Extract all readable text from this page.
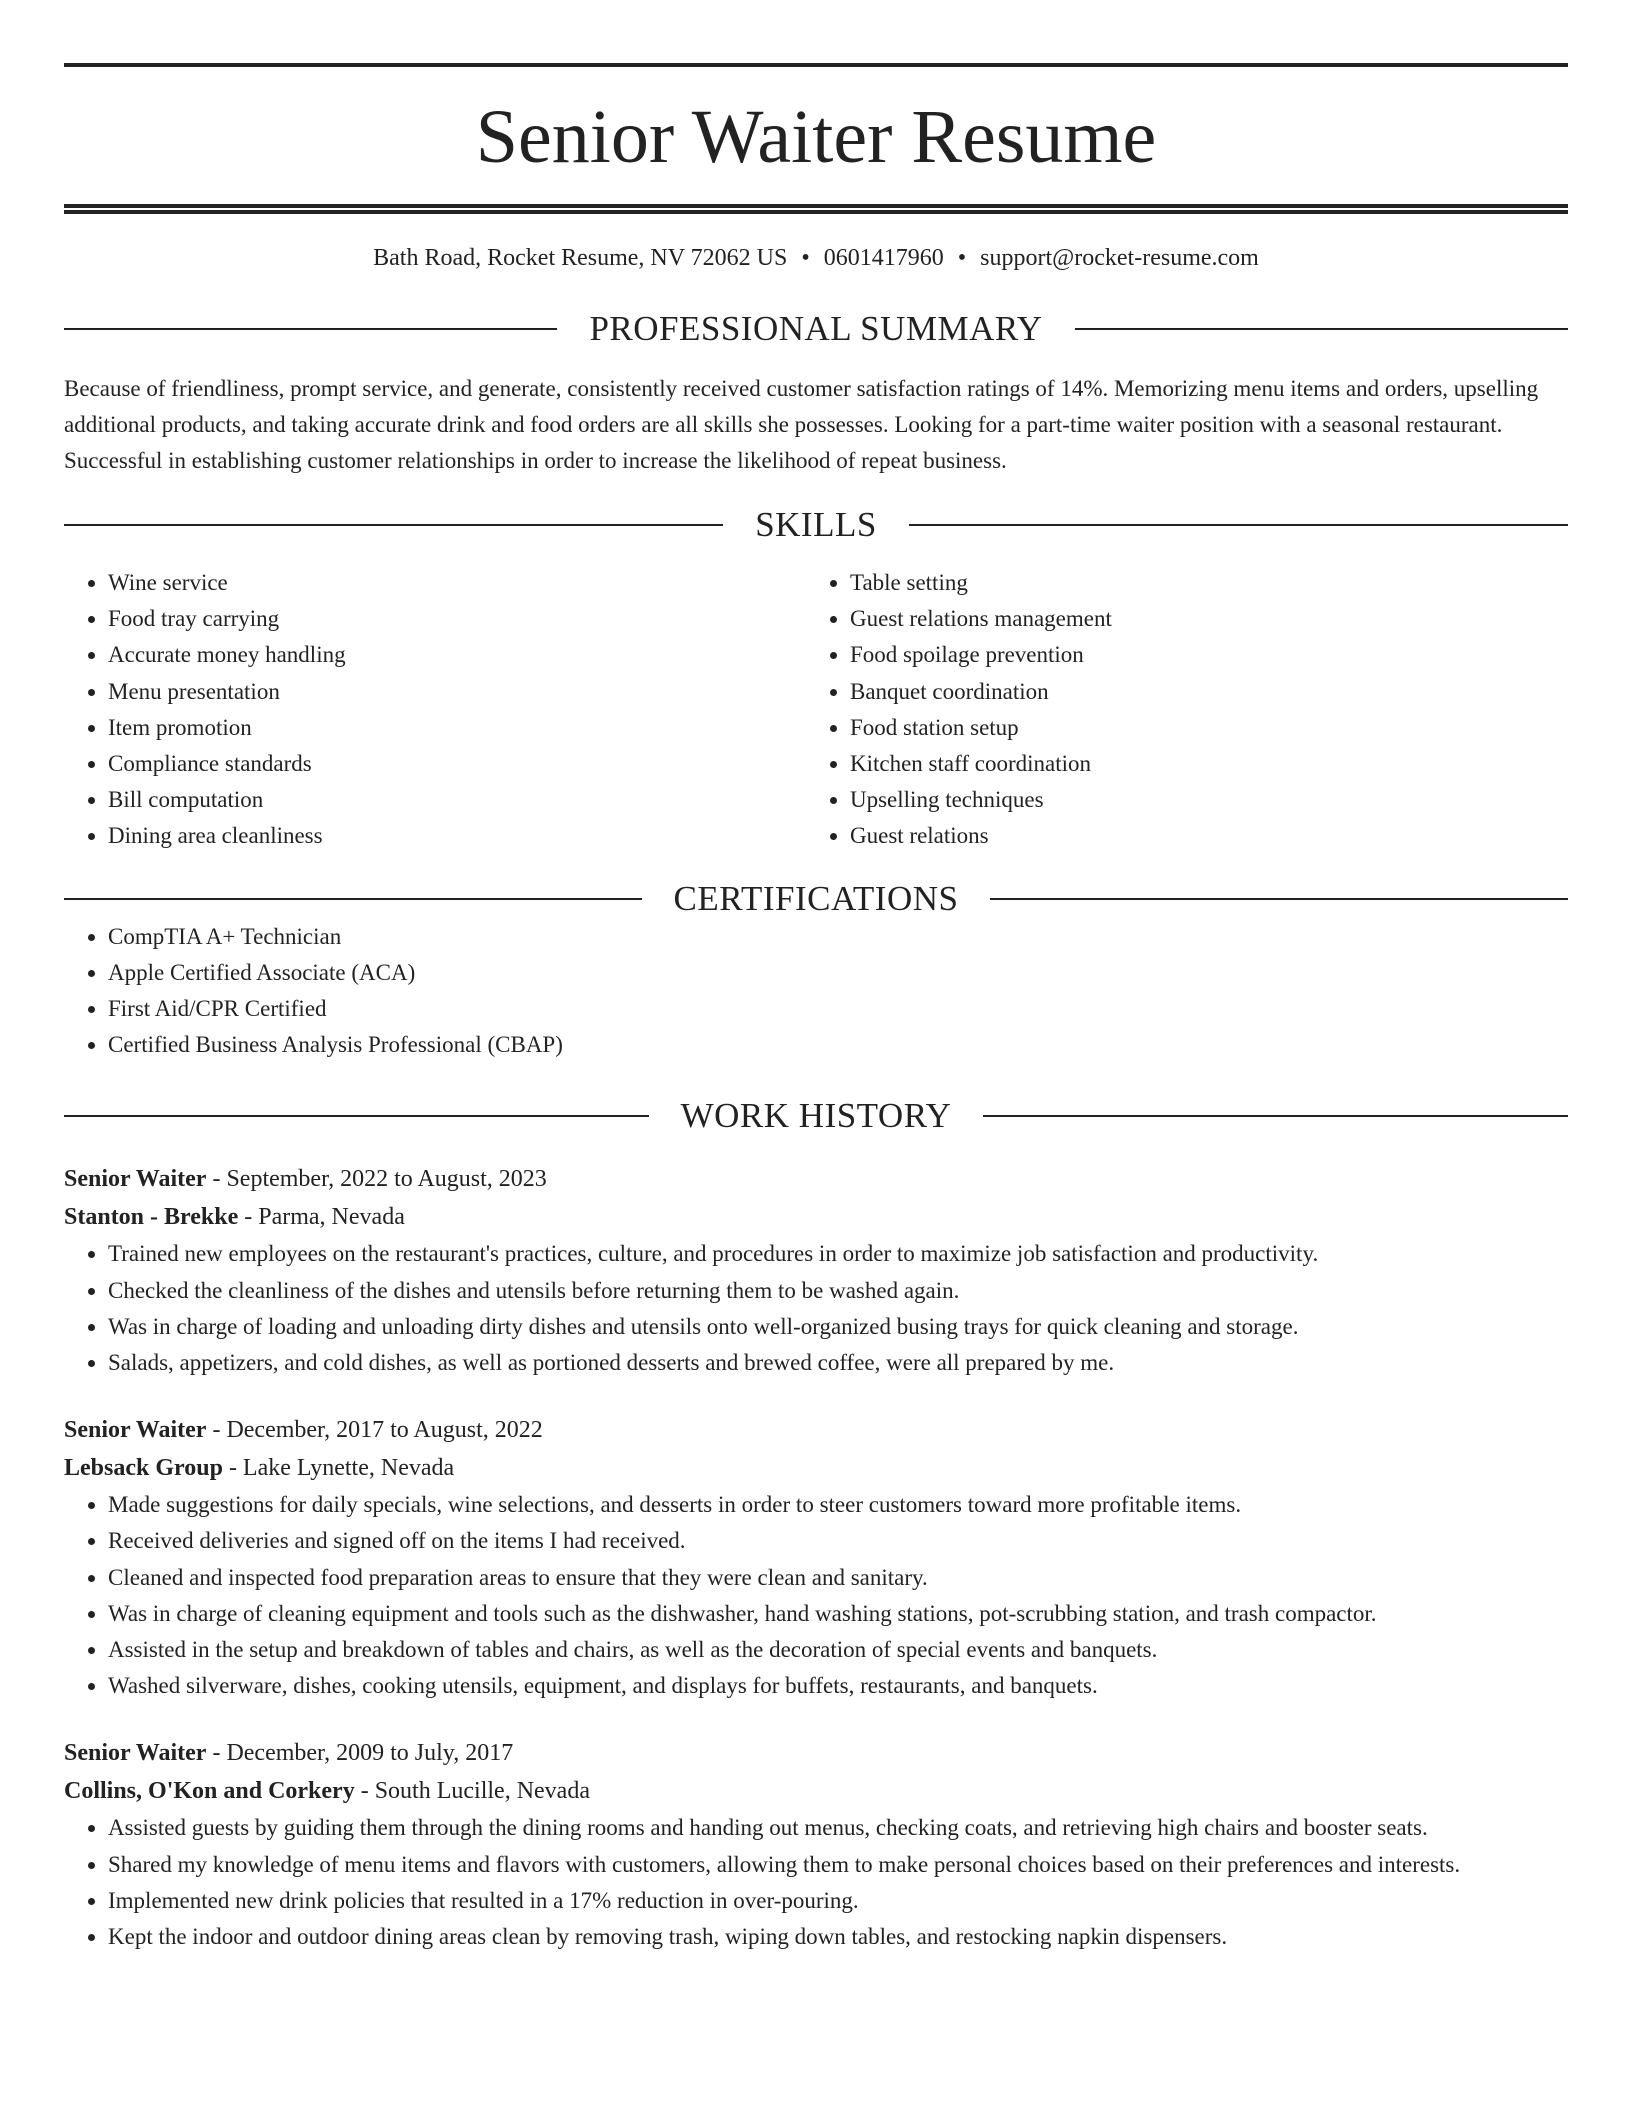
Senior Waiter Resume
Bath Road, Rocket Resume, NV 72062 US • 0601417960 • support@rocket-resume.com
PROFESSIONAL SUMMARY
Because of friendliness, prompt service, and generate, consistently received customer satisfaction ratings of 14%. Memorizing menu items and orders, upselling additional products, and taking accurate drink and food orders are all skills she possesses. Looking for a part-time waiter position with a seasonal restaurant. Successful in establishing customer relationships in order to increase the likelihood of repeat business.
SKILLS
• Wine service
• Food tray carrying
• Accurate money handling
• Menu presentation
• Item promotion
• Compliance standards
• Bill computation
• Dining area cleanliness
• Table setting
• Guest relations management
• Food spoilage prevention
• Banquet coordination
• Food station setup
• Kitchen staff coordination
• Upselling techniques
• Guest relations
CERTIFICATIONS
• CompTIA A+ Technician
• Apple Certified Associate (ACA)
• First Aid/CPR Certified
• Certified Business Analysis Professional (CBAP)
WORK HISTORY
Senior Waiter - September, 2022 to August, 2023
Stanton - Brekke - Parma, Nevada
• Trained new employees on the restaurant's practices, culture, and procedures in order to maximize job satisfaction and productivity.
• Checked the cleanliness of the dishes and utensils before returning them to be washed again.
• Was in charge of loading and unloading dirty dishes and utensils onto well-organized busing trays for quick cleaning and storage.
• Salads, appetizers, and cold dishes, as well as portioned desserts and brewed coffee, were all prepared by me.
Senior Waiter - December, 2017 to August, 2022
Lebsack Group - Lake Lynette, Nevada
• Made suggestions for daily specials, wine selections, and desserts in order to steer customers toward more profitable items.
• Received deliveries and signed off on the items I had received.
• Cleaned and inspected food preparation areas to ensure that they were clean and sanitary.
• Was in charge of cleaning equipment and tools such as the dishwasher, hand washing stations, pot-scrubbing station, and trash compactor.
• Assisted in the setup and breakdown of tables and chairs, as well as the decoration of special events and banquets.
• Washed silverware, dishes, cooking utensils, equipment, and displays for buffets, restaurants, and banquets.
Senior Waiter - December, 2009 to July, 2017
Collins, O'Kon and Corkery - South Lucille, Nevada
• Assisted guests by guiding them through the dining rooms and handing out menus, checking coats, and retrieving high chairs and booster seats.
• Shared my knowledge of menu items and flavors with customers, allowing them to make personal choices based on their preferences and interests.
• Implemented new drink policies that resulted in a 17% reduction in over-pouring.
• Kept the indoor and outdoor dining areas clean by removing trash, wiping down tables, and restocking napkin dispensers.
